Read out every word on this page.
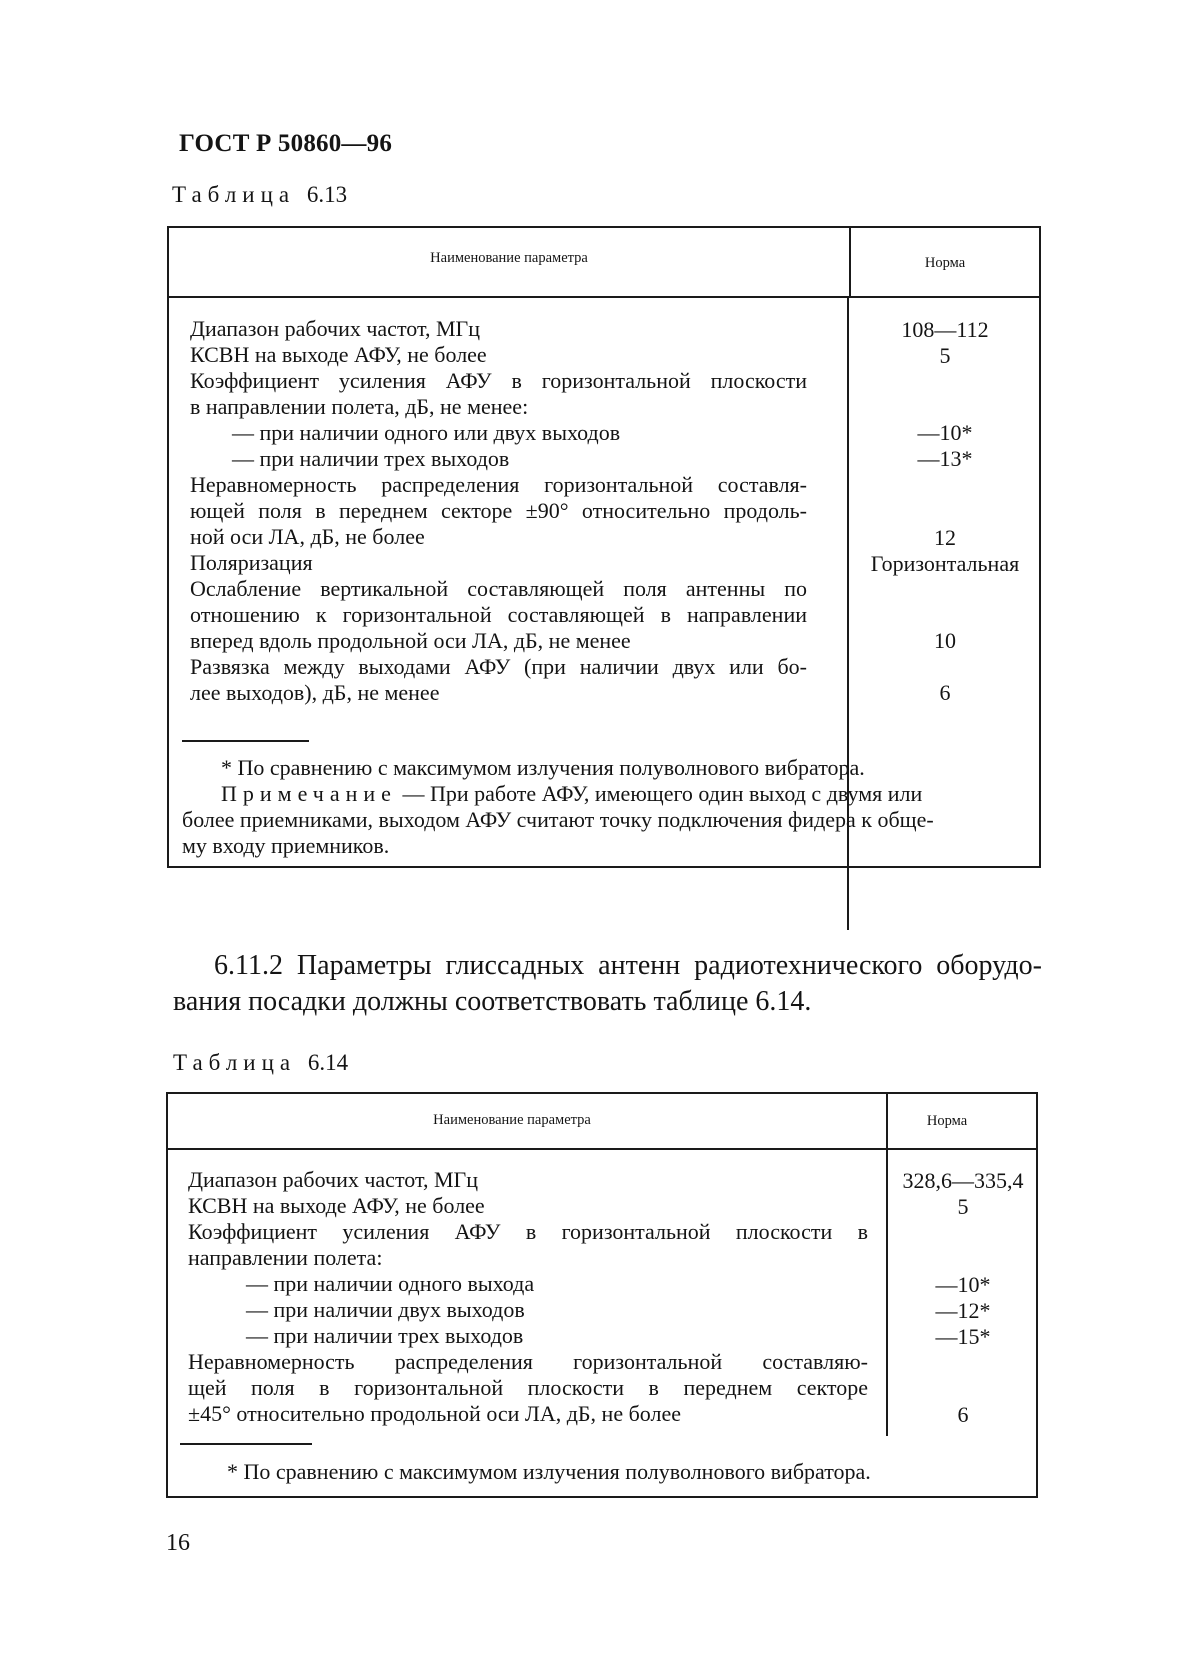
ГОСТ Р 50860—96
Таблица 6.13
Наименование параметра	Норма
Диапазон рабочих частот, МГц
КСВН на выходе АФУ, не более
Коэффициент усиления АФУ в горизонтальной плоскости
в направлении полета, дБ, не менее:
— при наличии одного или двух выходов
— при наличии трех выходов
Неравномерность распределения горизонтальной составля-
ющей поля в переднем секторе ±90° относительно продоль-
ной оси ЛА, дБ, не более
Поляризация
Ослабление вертикальной составляющей поля антенны по
отношению к горизонтальной составляющей в направлении
вперед вдоль продольной оси ЛА, дБ, не менее
Развязка между выходами АФУ (при наличии двух или бо-
лее выходов), дБ, не менее
108—112
5
—10*
—13*
12
Горизонтальная
10
6
* По сравнению с максимумом излучения полуволнового вибратора.
Примечание — При работе АФУ, имеющего один выход с двумя или
более приемниками, выходом АФУ считают точку подключения фидера к обще-
му входу приемников.
6.11.2 Параметры глиссадных антенн радиотехнического оборудо-
вания посадки должны соответствовать таблице 6.14.
Таблица 6.14
Наименование параметра	Норма
Диапазон рабочих частот, МГц
КСВН на выходе АФУ, не более
Коэффициент усиления АФУ в горизонтальной плоскости в
направлении полета:
— при наличии одного выхода
— при наличии двух выходов
— при наличии трех выходов
Неравномерность распределения горизонтальной составляю-
щей поля в горизонтальной плоскости в переднем секторе
±45° относительно продольной оси ЛА, дБ, не более
328,6—335,4
5
—10*
—12*
—15*
6
* По сравнению с максимумом излучения полуволнового вибратора.
16
